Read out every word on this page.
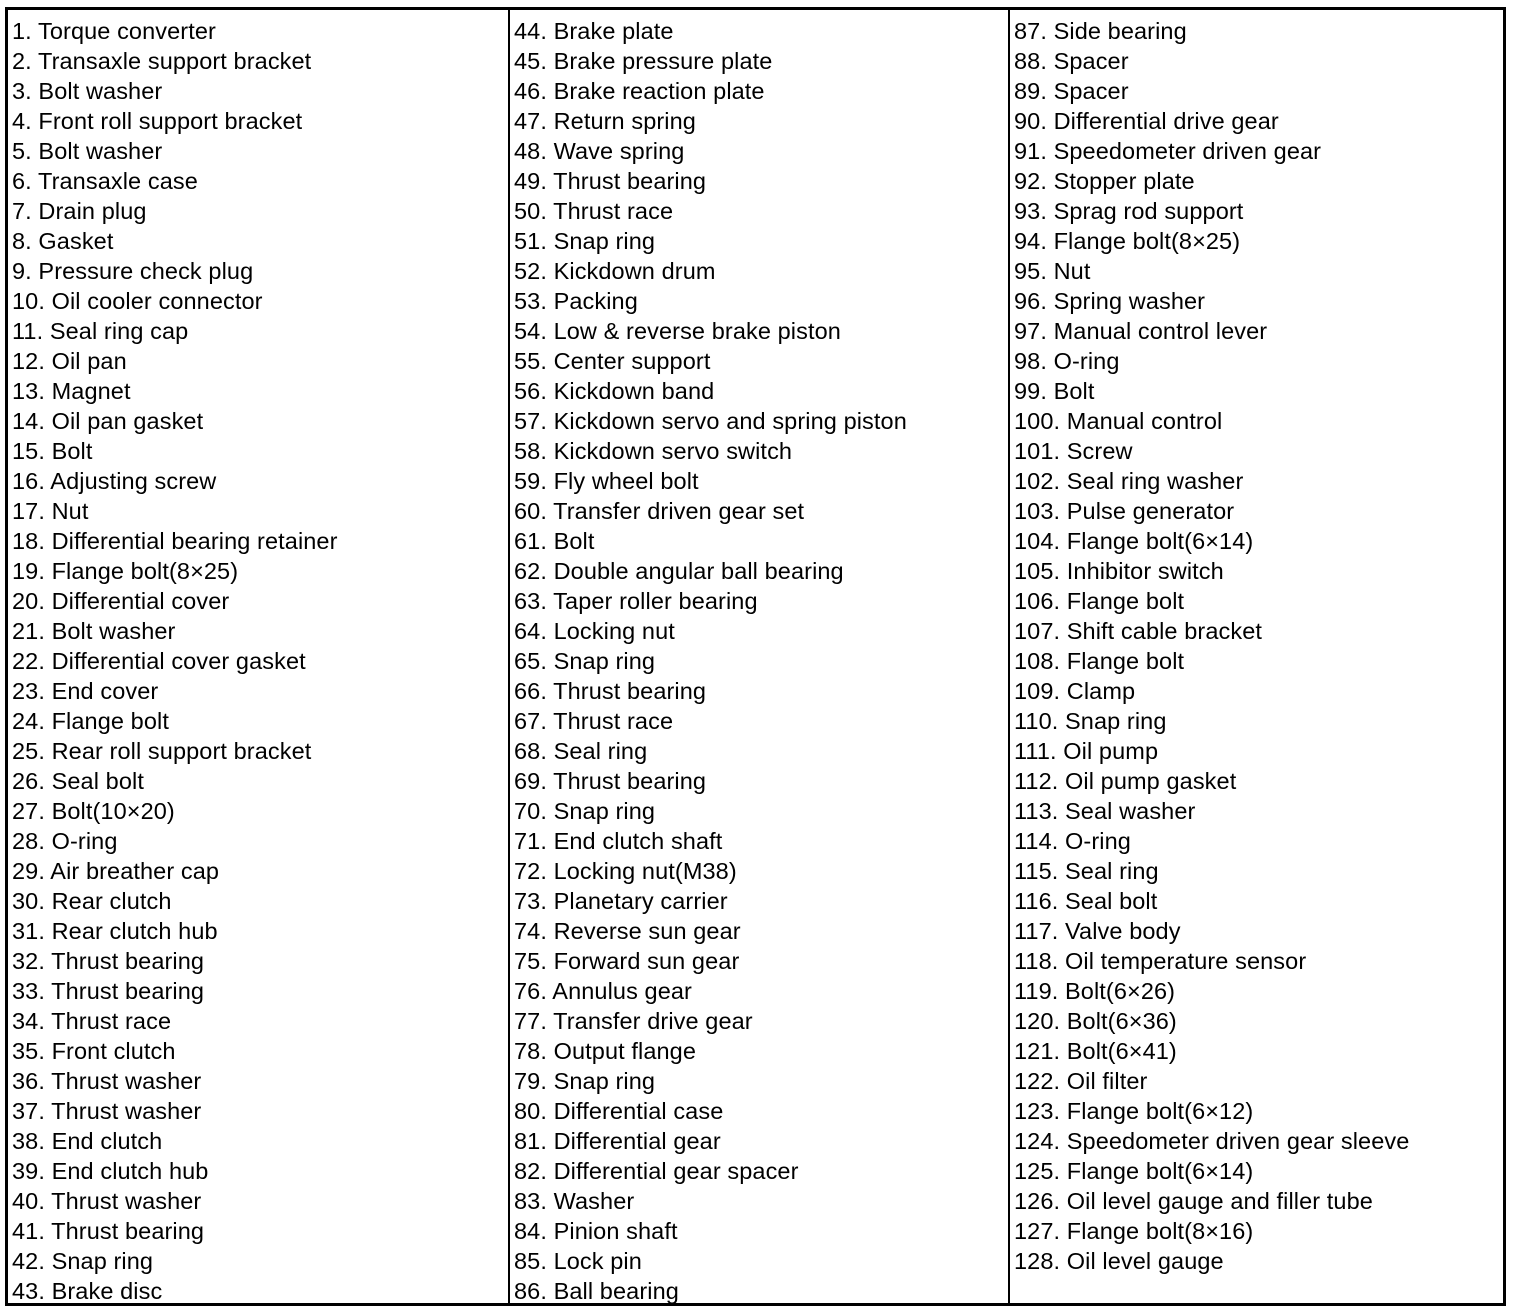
1. Torque converter
2. Transaxle support bracket
3. Bolt washer
4. Front roll support bracket
5. Bolt washer
6. Transaxle case
7. Drain plug
8. Gasket
9. Pressure check plug
10. Oil cooler connector
11. Seal ring cap
12. Oil pan
13. Magnet
14. Oil pan gasket
15. Bolt
16. Adjusting screw
17. Nut
18. Differential bearing retainer
19. Flange bolt(8×25)
20. Differential cover
21. Bolt washer
22. Differential cover gasket
23. End cover
24. Flange bolt
25. Rear roll support bracket
26. Seal bolt
27. Bolt(10×20)
28. O-ring
29. Air breather cap
30. Rear clutch
31. Rear clutch hub
32. Thrust bearing
33. Thrust bearing
34. Thrust race
35. Front clutch
36. Thrust washer
37. Thrust washer
38. End clutch
39. End clutch hub
40. Thrust washer
41. Thrust bearing
42. Snap ring
43. Brake disc
44. Brake plate
45. Brake pressure plate
46. Brake reaction plate
47. Return spring
48. Wave spring
49. Thrust bearing
50. Thrust race
51. Snap ring
52. Kickdown drum
53. Packing
54. Low & reverse brake piston
55. Center support
56. Kickdown band
57. Kickdown servo and spring piston
58. Kickdown servo switch
59. Fly wheel bolt
60. Transfer driven gear set
61. Bolt
62. Double angular ball bearing
63. Taper roller bearing
64. Locking nut
65. Snap ring
66. Thrust bearing
67. Thrust race
68. Seal ring
69. Thrust bearing
70. Snap ring
71. End clutch shaft
72. Locking nut(M38)
73. Planetary carrier
74. Reverse sun gear
75. Forward sun gear
76. Annulus gear
77. Transfer drive gear
78. Output flange
79. Snap ring
80. Differential case
81. Differential gear
82. Differential gear spacer
83. Washer
84. Pinion shaft
85. Lock pin
86. Ball bearing
87. Side bearing
88. Spacer
89. Spacer
90. Differential drive gear
91. Speedometer driven gear
92. Stopper plate
93. Sprag rod support
94. Flange bolt(8×25)
95. Nut
96. Spring washer
97. Manual control lever
98. O-ring
99. Bolt
100. Manual control
101. Screw
102. Seal ring washer
103. Pulse generator
104. Flange bolt(6×14)
105. Inhibitor switch
106. Flange bolt
107. Shift cable bracket
108. Flange bolt
109. Clamp
110. Snap ring
111. Oil pump
112. Oil pump gasket
113. Seal washer
114. O-ring
115. Seal ring
116. Seal bolt
117. Valve body
118. Oil temperature sensor
119. Bolt(6×26)
120. Bolt(6×36)
121. Bolt(6×41)
122. Oil filter
123. Flange bolt(6×12)
124. Speedometer driven gear sleeve
125. Flange bolt(6×14)
126. Oil level gauge and filler tube
127. Flange bolt(8×16)
128. Oil level gauge
